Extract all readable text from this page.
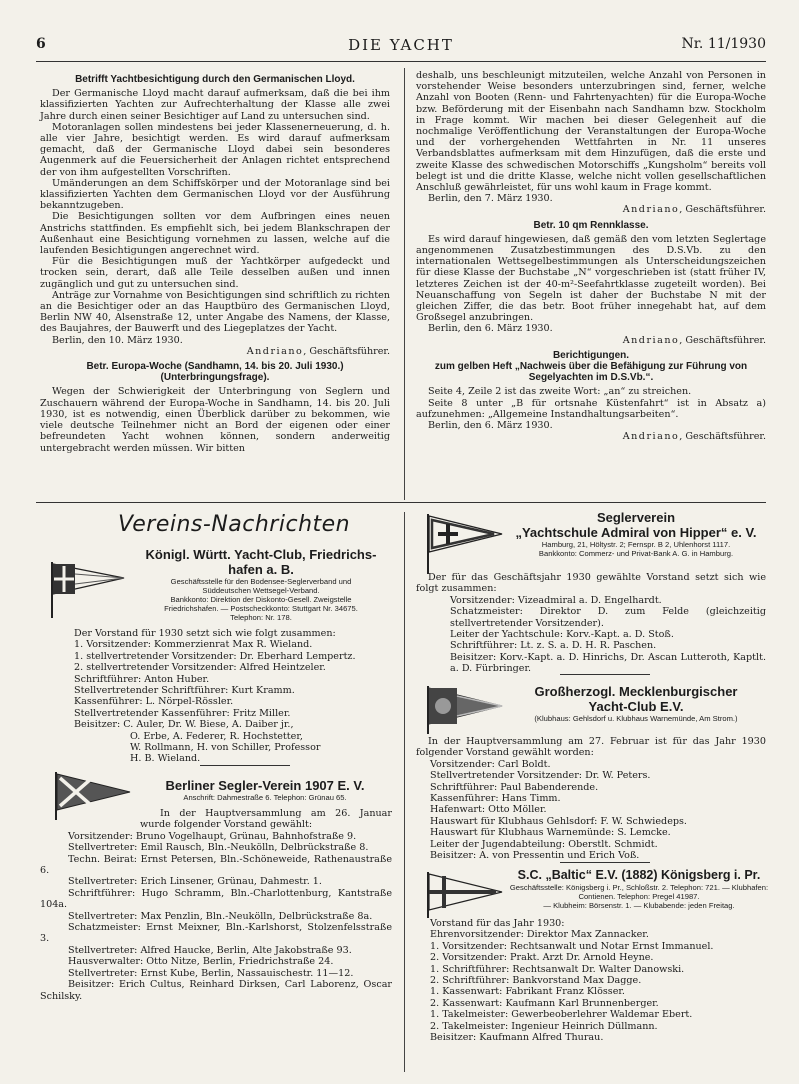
6	DIE YACHT	Nr. 11/1930
Betrifft Yachtbesichtigung durch den Germanischen Lloyd.

Der Germanische Lloyd macht darauf aufmerksam, daß die bei ihm klassifizierten Yachten zur Aufrechterhaltung der Klasse alle zwei Jahre durch einen seiner Besichtiger auf Land zu untersuchen sind.

Motoranlagen sollen mindestens bei jeder Klassenerneuerung, d. h. alle vier Jahre, besichtigt werden. Es wird darauf aufmerksam gemacht, daß der Germanische Lloyd dabei sein besonderes Augenmerk auf die Feuersicherheit der Anlagen richtet entsprechend der von ihm aufgestellten Vorschriften.

Umänderungen an dem Schiffskörper und der Motoranlage sind bei klassifizierten Yachten dem Germanischen Lloyd vor der Ausführung bekanntzugeben.

Die Besichtigungen sollten vor dem Aufbringen eines neuen Anstrichs stattfinden. Es empfiehlt sich, bei jedem Blankschrapen der Außenhaut eine Besichtigung vornehmen zu lassen, welche auf die laufenden Besichtigungen angerechnet wird.

Für die Besichtigungen muß der Yachtkörper aufgedeckt und trocken sein, derart, daß alle Teile desselben außen und innen zugänglich und gut zu untersuchen sind.

Anträge zur Vornahme von Besichtigungen sind schriftlich zu richten an die Besichtiger oder an das Hauptbüro des Germanischen Lloyd, Berlin NW 40, Alsenstraße 12, unter Angabe des Namens, der Klasse, des Baujahres, der Bauwerft und des Liegeplatzes der Yacht.

Berlin, den 10. März 1930.

Andriano, Geschäftsführer.

Betr. Europa-Woche (Sandhamn, 14. bis 20. Juli 1930.) (Unterbringungsfrage).

Wegen der Schwierigkeit der Unterbringung von Seglern und Zuschauern während der Europa-Woche in Sandhamn, 14. bis 20. Juli 1930, ist es notwendig, einen Überblick darüber zu bekommen, wie viele deutsche Teilnehmer nicht an Bord der eigenen oder einer befreundeten Yacht wohnen können, sondern anderweitig untergebracht werden müssen. Wir bitten

deshalb, uns beschleunigt mitzuteilen, welche Anzahl von Personen in vorstehender Weise besonders unterzubringen sind, ferner, welche Anzahl von Booten (Renn- und Fahrtenyachten) für die Europa-Woche bzw. Beförderung mit der Eisenbahn nach Sandhamn bzw. Stockholm in Frage kommt. Wir machen bei dieser Gelegenheit auf die nochmalige Veröffentlichung der Veranstaltungen der Europa-Woche und der vorhergehenden Wettfahrten in Nr. 11 unseres Verbandsblattes aufmerksam mit dem Hinzufügen, daß die erste und zweite Klasse des schwedischen Motorschiffs „Kungsholm“ bereits voll belegt ist und die dritte Klasse, welche nicht vollen gesellschaftlichen Anschluß gewährleistet, für uns wohl kaum in Frage kommt.

Berlin, den 7. März 1930.

Andriano, Geschäftsführer.

Betr. 10 qm Rennklasse.

Es wird darauf hingewiesen, daß gemäß den vom letzten Seglertage angenommenen Zusatzbestimmungen des D.S.Vb. zu den internationalen Wettsegelbestimmungen als Unterscheidungszeichen für diese Klasse der Buchstabe „N“ vorgeschrieben ist (statt früher IV, letzteres Zeichen ist der 40-m²-Seefahrtklasse zugeteilt worden). Bei Neuanschaffung von Segeln ist daher der Buchstabe N mit der gleichen Ziffer, die das betr. Boot früher innegehabt hat, auf dem Großsegel anzubringen.

Berlin, den 6. März 1930.

Andriano, Geschäftsführer.

Berichtigungen.
zum gelben Heft „Nachweis über die Befähigung zur Führung von Segelyachten im D.S.Vb.“.

Seite 4, Zeile 2 ist das zweite Wort: „an“ zu streichen.

Seite 8 unter „B für ortsnahe Küstenfahrt“ ist in Absatz a) aufzunehmen: „Allgemeine Instandhaltungsarbeiten“.

Berlin, den 6. März 1930.

Andriano, Geschäftsführer.

Vereins-Nachrichten
Königl. Württ. Yacht-Club, Friedrichs-
hafen a. B.
Geschäftsstelle für den Bodensee-Seglerverband und
Süddeutschen Wettsegel-Verband.
Bankkonto: Direktion der Diskonto-Gesell. Zweigstelle
Friedrichshafen. — Postscheckkonto: Stuttgart Nr. 34675.
Telephon: Nr. 178.
Der Vorstand für 1930 setzt sich wie folgt zusammen:
1. Vorsitzender: Kommerzienrat Max R. Wieland.
1. stellvertretender Vorsitzender: Dr. Eberhard Lempertz.
2. stellvertretender Vorsitzender: Alfred Heintzeler.
Schriftführer: Anton Huber.
Stellvertretender Schriftführer: Kurt Kramm.
Kassenführer: L. Nörpel-Rössler.
Stellvertretender Kassenführer: Fritz Miller.
Beisitzer: C. Auler, Dr. W. Biese, A. Daiber jr.,
O. Erbe, A. Federer, R. Hochstetter,
W. Rollmann, H. von Schiller, Professor
H. B. Wieland.
Berliner Segler-Verein 1907 E. V.
Anschrift: Dahmestraße 6. Telephon: Grünau 65.
In der Hauptversammlung am 26. Januar wurde folgender Vorstand gewählt:
Vorsitzender: Bruno Vogelhaupt, Grünau, Bahnhofstraße 9.
Stellvertreter: Emil Rausch, Bln.-Neukölln, Delbrückstraße 8.
Techn. Beirat: Ernst Petersen, Bln.-Schöneweide, Rathenaustraße 6.
Stellvertreter: Erich Linsener, Grünau, Dahmestr. 1.
Schriftführer: Hugo Schramm, Bln.-Charlottenburg, Kantstraße 104a.
Stellvertreter: Max Penzlin, Bln.-Neukölln, Delbrückstraße 8a.
Schatzmeister: Ernst Meixner, Bln.-Karlshorst, Stolzenfelsstraße 3.
Stellvertreter: Alfred Haucke, Berlin, Alte Jakobstraße 93.
Hausverwalter: Otto Nitze, Berlin, Friedrichstraße 24.
Stellvertreter: Ernst Kube, Berlin, Nassauischestr. 11—12.
Beisitzer: Erich Cultus, Reinhard Dirksen, Carl Laborenz, Oscar Schilsky.
Seglerverein
„Yachtschule Admiral von Hipper“ e. V.
Hamburg, 21, Höltystr. 2; Fernspr. B 2, Uhlenhorst 1117.
Bankkonto: Commerz- und Privat-Bank A. G. in Hamburg.
Der für das Geschäftsjahr 1930 gewählte Vorstand setzt sich wie folgt zusammen:
Vorsitzender: Vizeadmiral a. D. Engelhardt.
Schatzmeister: Direktor D. zum Felde (gleichzeitig stellvertretender Vorsitzender).
Leiter der Yachtschule: Korv.-Kapt. a. D. Stoß.
Schriftführer: Lt. z. S. a. D. H. R. Paschen.
Beisitzer: Korv.-Kapt. a. D. Hinrichs, Dr. Ascan Lutteroth, Kaptlt. a. D. Fürbringer.
Großherzogl. Mecklenburgischer
Yacht-Club E.V.
(Klubhaus: Gehlsdorf u. Klubhaus Warnemünde, Am Strom.)
In der Hauptversammlung am 27. Februar ist für das Jahr 1930 folgender Vorstand gewählt worden:
Vorsitzender: Carl Boldt.
Stellvertretender Vorsitzender: Dr. W. Peters.
Schriftführer: Paul Babenderende.
Kassenführer: Hans Timm.
Hafenwart: Otto Möller.
Hauswart für Klubhaus Gehlsdorf: F. W. Schwiedeps.
Hauswart für Klubhaus Warnemünde: S. Lemcke.
Leiter der Jugendabteilung: Oberstlt. Schmidt.
Beisitzer: A. von Pressentin und Erich Voß.
S.C. „Baltic“ E.V. (1882) Königsberg i. Pr.
Geschäftsstelle: Königsberg i. Pr., Schloßstr. 2. Telephon: 721. — Klubhafen: Contienen. Telephon: Pregel 41987.
— Klubheim: Börsenstr. 1. — Klubabende: jeden Freitag.
Vorstand für das Jahr 1930:
Ehrenvorsitzender: Direktor Max Zannacker.
1. Vorsitzender: Rechtsanwalt und Notar Ernst Immanuel.
2. Vorsitzender: Prakt. Arzt Dr. Arnold Heyne.
1. Schriftführer: Rechtsanwalt Dr. Walter Danowski.
2. Schriftführer: Bankvorstand Max Dagge.
1. Kassenwart: Fabrikant Franz Klösser.
2. Kassenwart: Kaufmann Karl Brunnenberger.
1. Takelmeister: Gewerbeoberlehrer Waldemar Ebert.
2. Takelmeister: Ingenieur Heinrich Düllmann.
Beisitzer: Kaufmann Alfred Thurau.
